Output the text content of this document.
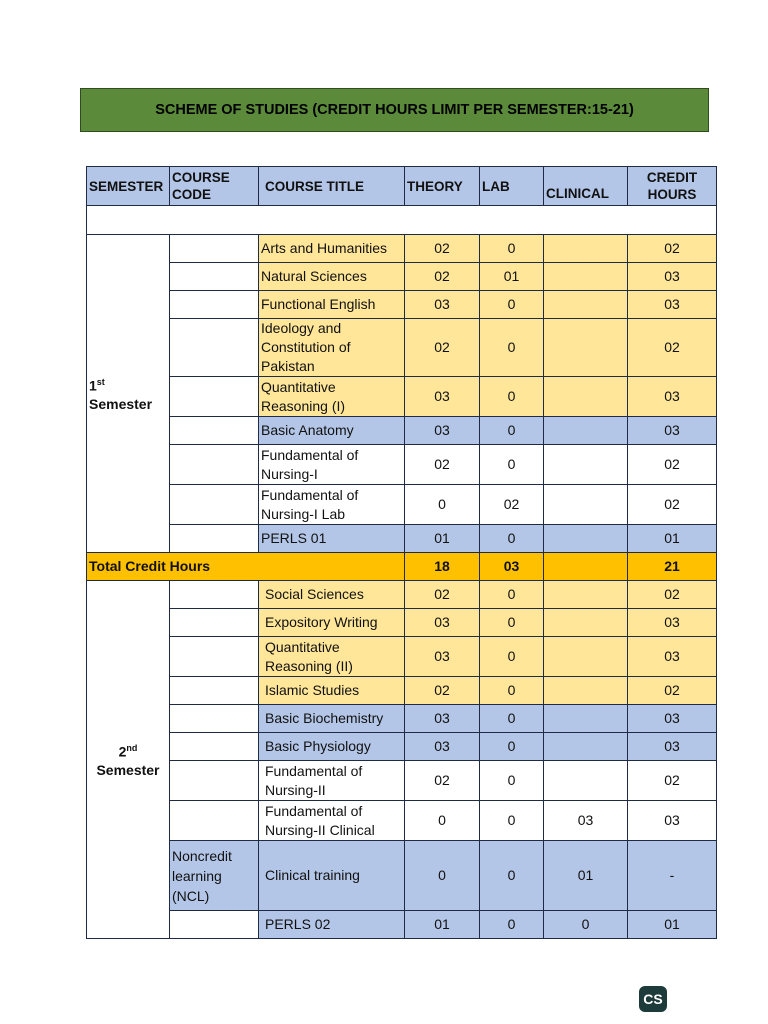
SCHEME OF STUDIES (CREDIT HOURS LIMIT PER SEMESTER:15-21)
SEMESTER	COURSE CODE	COURSE TITLE	THEORY	LAB	CLINICAL	CREDIT HOURS

1st
Semester		Arts and Humanities	02	0		02
		Natural Sciences	02	01		03
		Functional English	03	0		03
		Ideology and Constitution of Pakistan	02	0		02
		Quantitative Reasoning (I)	03	0		03
		Basic Anatomy	03	0		03
		Fundamental of Nursing-I	02	0		02
		Fundamental of Nursing-I Lab	0	02		02
		PERLS 01	01	0		01
Total Credit Hours			18	03		21

2nd
Semester		Social Sciences	02	0		02
		Expository Writing	03	0		03
		Quantitative Reasoning (II)	03	0		03
		Islamic Studies	02	0		02
		Basic Biochemistry	03	0		03
		Basic Physiology	03	0		03
		Fundamental of Nursing-II	02	0		02
		Fundamental of Nursing-II Clinical	0	0	03	03
	Noncredit learning (NCL)	Clinical training	0	0	01	-
		PERLS 02	01	0	0	01
CS
